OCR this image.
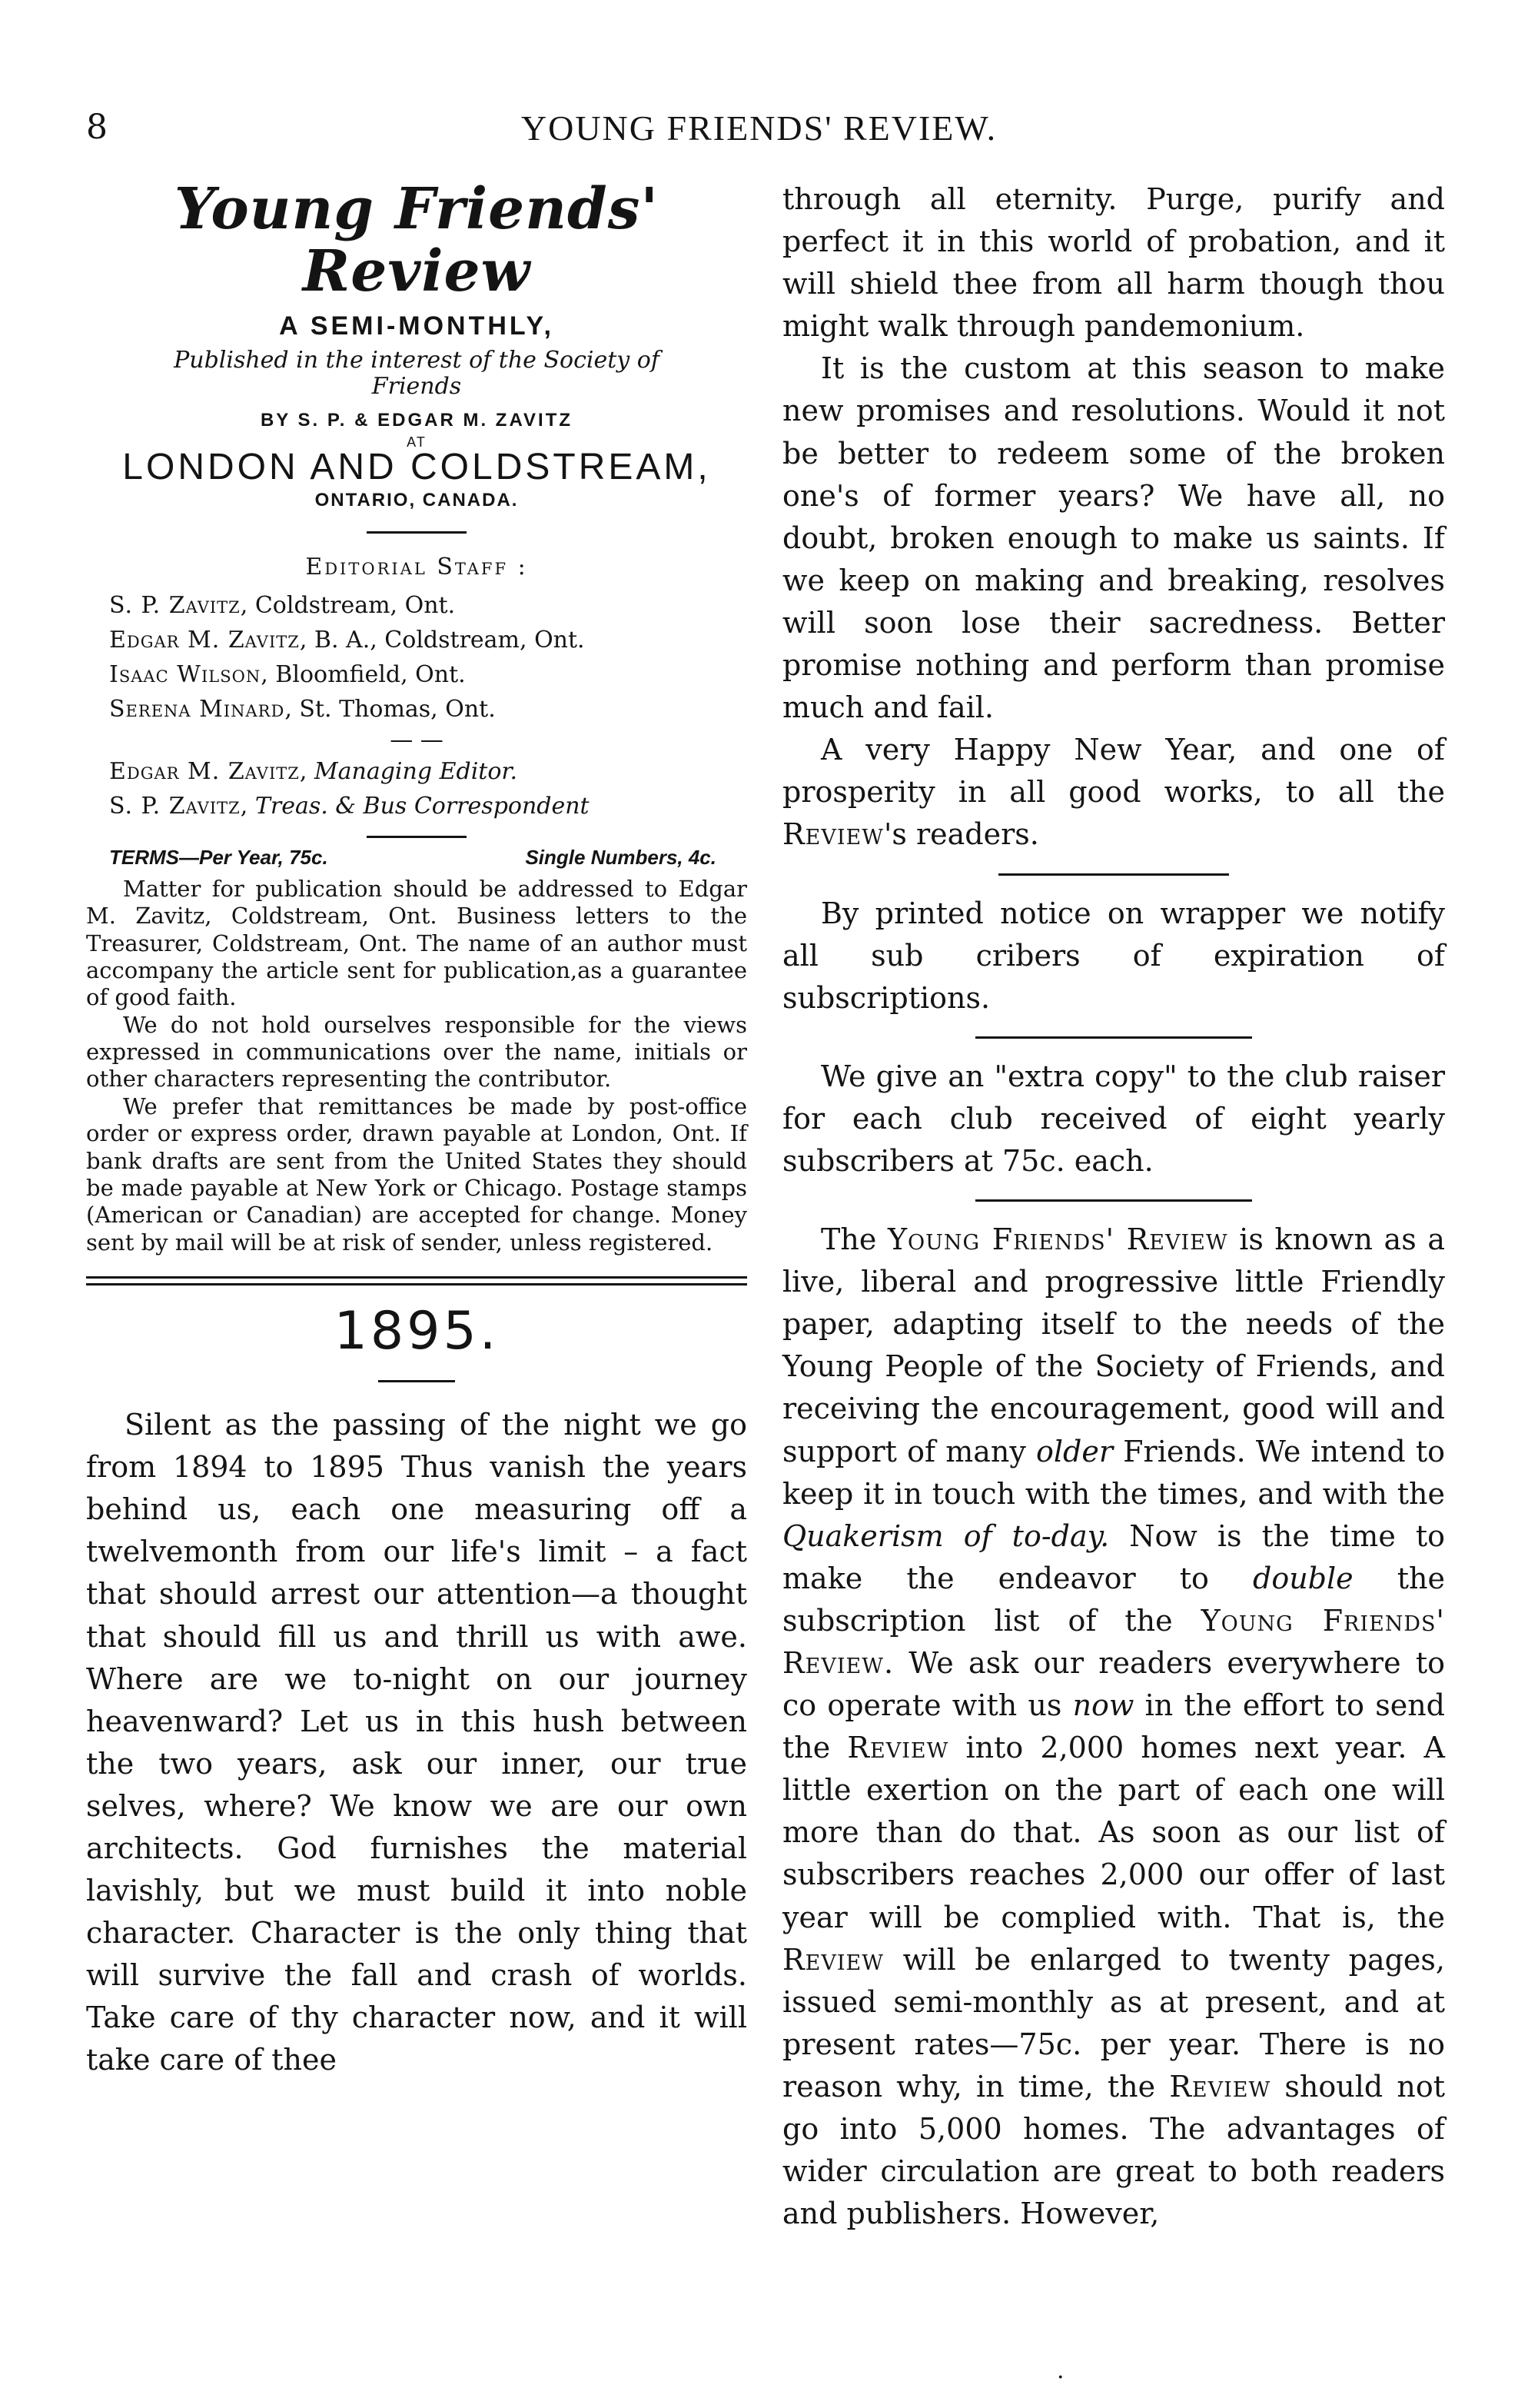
8	YOUNG FRIENDS' REVIEW.
Young Friends' Review
A SEMI-MONTHLY,
Published in the interest of the Society of Friends
BY S. P. & EDGAR M. ZAVITZ
AT
LONDON AND COLDSTREAM,
ONTARIO, CANADA.
Editorial Staff :
S. P. Zavitz, Coldstream, Ont.
Edgar M. Zavitz, B. A., Coldstream, Ont.
Isaac Wilson, Bloomfield, Ont.
Serena Minard, St. Thomas, Ont.
— —
Edgar M. Zavitz, Managing Editor.
S. P. Zavitz, Treas. & Bus Correspondent
TERMS—Per Year, 75c.	Single Numbers, 4c.

Matter for publication should be addressed to Edgar M. Zavitz, Coldstream, Ont. Business letters to the Treasurer, Coldstream, Ont. The name of an author must accompany the article sent for publication,as a guarantee of good faith.

We do not hold ourselves responsible for the views expressed in communications over the name, initials or other characters representing the contributor.

We prefer that remittances be made by post-office order or express order, drawn payable at London, Ont. If bank drafts are sent from the United States they should be made payable at New York or Chicago. Postage stamps (American or Canadian) are accepted for change. Money sent by mail will be at risk of sender, unless registered.

1895.

Silent as the passing of the night we go from 1894 to 1895 Thus vanish the years behind us, each one measuring off a twelvemonth from our life's limit – a fact that should arrest our attention—a thought that should fill us and thrill us with awe. Where are we to-night on our journey heavenward? Let us in this hush between the two years, ask our inner, our true selves, where? We know we are our own architects. God furnishes the material lavishly, but we must build it into noble character. Character is the only thing that will survive the fall and crash of worlds. Take care of thy character now, and it will take care of thee

through all eternity. Purge, purify and perfect it in this world of probation, and it will shield thee from all harm though thou might walk through pandemonium.

It is the custom at this season to make new promises and resolutions. Would it not be better to redeem some of the broken one's of former years? We have all, no doubt, broken enough to make us saints. If we keep on making and breaking, resolves will soon lose their sacredness. Better promise nothing and perform than promise much and fail.

A very Happy New Year, and one of prosperity in all good works, to all the Review's readers.

By printed notice on wrapper we notify all sub cribers of expiration of subscriptions.

We give an "extra copy" to the club raiser for each club received of eight yearly subscribers at 75c. each.

The Young Friends' Review is known as a live, liberal and progressive little Friendly paper, adapting itself to the needs of the Young People of the Society of Friends, and receiving the encouragement, good will and support of many older Friends. We intend to keep it in touch with the times, and with the Quakerism of to-day. Now is the time to make the endeavor to double the subscription list of the Young Friends' Review. We ask our readers everywhere to co operate with us now in the effort to send the Review into 2,000 homes next year. A little exertion on the part of each one will more than do that. As soon as our list of subscribers reaches 2,000 our offer of last year will be complied with. That is, the Review will be enlarged to twenty pages, issued semi-monthly as at present, and at present rates—75c. per year. There is no reason why, in time, the Review should not go into 5,000 homes. The advantages of wider circulation are great to both readers and publishers. However,

·
